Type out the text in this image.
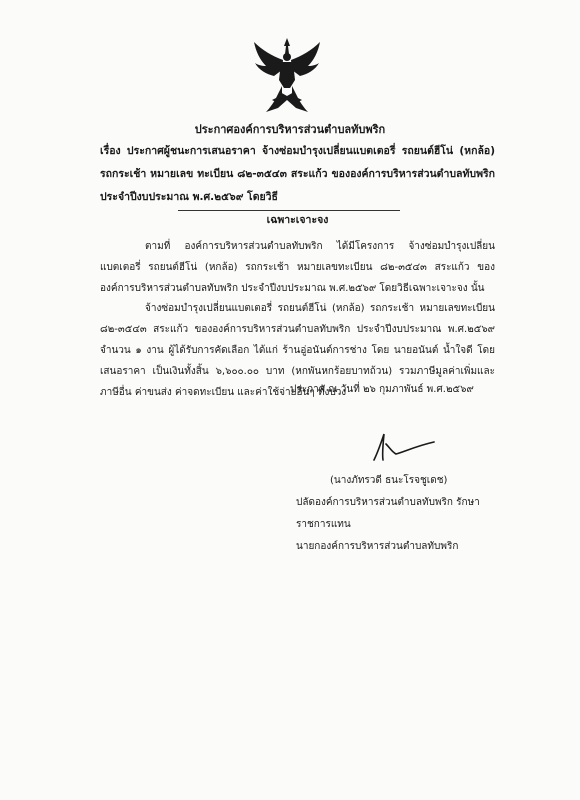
ประกาศองค์การบริหารส่วนตำบลทับพริก
เรื่อง ประกาศผู้ชนะการเสนอราคา จ้างซ่อมบำรุงเปลี่ยนแบตเตอรี่ รถยนต์ฮีโน่ (หกล้อ) รถกระเช้า หมายเลข ทะเบียน ๘๒-๓๕๔๓ สระแก้ว ขององค์การบริหารส่วนตำบลทับพริก ประจำปีงบประมาณ พ.ศ.๒๕๖๙ โดยวิธี
เฉพาะเจาะจง
ตามที่ องค์การบริหารส่วนตำบลทับพริก ได้มีโครงการ จ้างซ่อมบำรุงเปลี่ยนแบตเตอรี่ รถยนต์ฮีโน่ (หกล้อ) รถกระเช้า หมายเลขทะเบียน ๘๒-๓๕๔๓ สระแก้ว ขององค์การบริหารส่วนตำบลทับพริก ประจำปีงบประมาณ พ.ศ.๒๕๖๙ โดยวิธีเฉพาะเจาะจง นั้น
จ้างซ่อมบำรุงเปลี่ยนแบตเตอรี่ รถยนต์ฮีโน่ (หกล้อ) รถกระเช้า หมายเลขทะเบียน ๘๒-๓๕๔๓ สระแก้ว ขององค์การบริหารส่วนตำบลทับพริก ประจำปีงบประมาณ พ.ศ.๒๕๖๙ จำนวน ๑ งาน ผู้ได้รับการคัดเลือก ได้แก่ ร้านอู่อนันต์การช่าง โดย นายอนันต์ น้ำใจดี โดยเสนอราคา เป็นเงินทั้งสิ้น ๖,๖๐๐.๐๐ บาท (หกพันหกร้อยบาทถ้วน) รวมภาษีมูลค่าเพิ่มและภาษีอื่น ค่าขนส่ง ค่าจดทะเบียน และค่าใช้จ่ายอื่นๆ ทั้งปวง
ประกาศ ณ วันที่ ๒๖ กุมภาพันธ์ พ.ศ.๒๕๖๙
(นางภัทรวดี ธนะโรจชูเดช)
ปลัดองค์การบริหารส่วนตำบลทับพริก รักษาราชการแทน
นายกองค์การบริหารส่วนตำบลทับพริก
